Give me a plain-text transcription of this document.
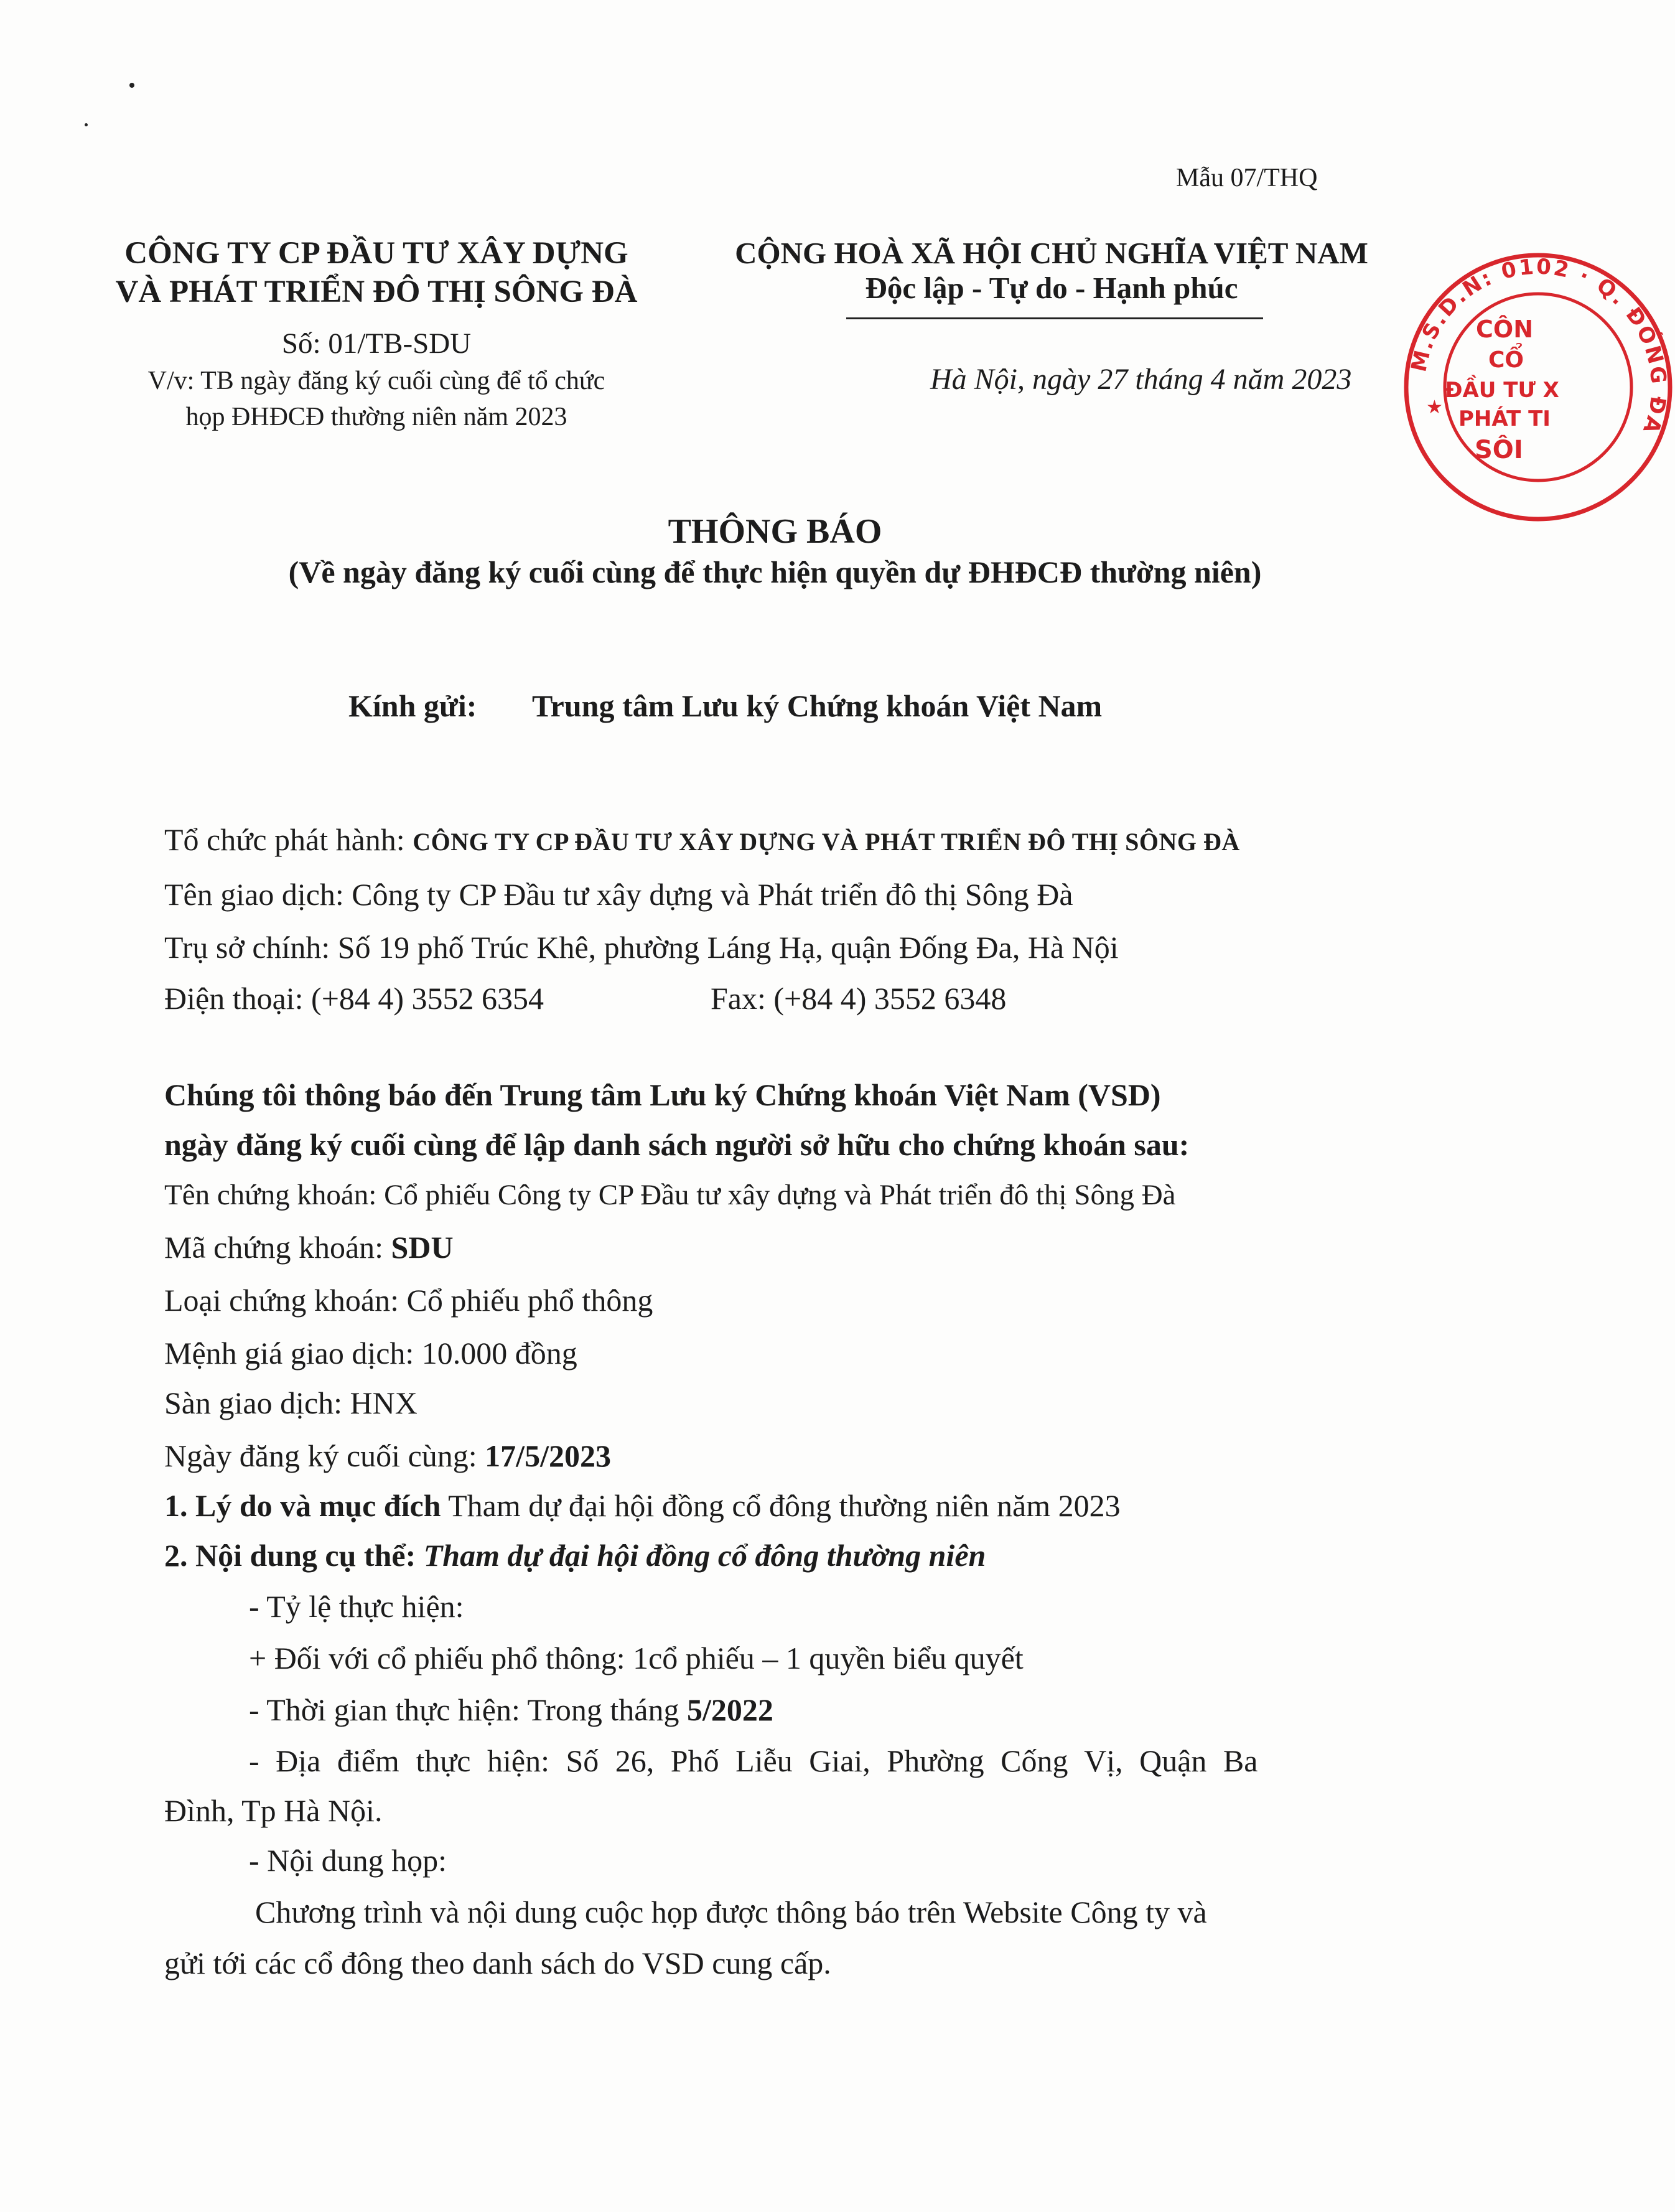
Mẫu 07/THQ
CÔNG TY CP ĐẦU TƯ XÂY DỰNG
VÀ PHÁT TRIỂN ĐÔ THỊ SÔNG ĐÀ
Số: 01/TB-SDU
V/v: TB ngày đăng ký cuối cùng để tổ chức
họp ĐHĐCĐ thường niên năm 2023
CỘNG HOÀ XÃ HỘI CHỦ NGHĨA VIỆT NAM
Độc lập - Tự do - Hạnh phúc
Hà Nội, ngày 27 tháng 4 năm 2023
M.S.D.N: 0102 · Q. ĐỐNG ĐA
CÔN
CỔ
ĐẦU TƯ X
PHÁT TI
SÔI
★
THÔNG BÁO
(Về ngày đăng ký cuối cùng để thực hiện quyền dự ĐHĐCĐ thường niên)
Kính gửi: Trung tâm Lưu ký Chứng khoán Việt Nam
Tổ chức phát hành: CÔNG TY CP ĐẦU TƯ XÂY DỰNG VÀ PHÁT TRIỂN ĐÔ THỊ SÔNG ĐÀ
Tên giao dịch: Công ty CP Đầu tư xây dựng và Phát triển đô thị Sông Đà
Trụ sở chính: Số 19 phố Trúc Khê, phường Láng Hạ, quận Đống Đa, Hà Nội
Điện thoại: (+84 4) 3552 6354	Fax: (+84 4) 3552 6348
Chúng tôi thông báo đến Trung tâm Lưu ký Chứng khoán Việt Nam (VSD)
ngày đăng ký cuối cùng để lập danh sách người sở hữu cho chứng khoán sau:
Tên chứng khoán: Cổ phiếu Công ty CP Đầu tư xây dựng và Phát triển đô thị Sông Đà
Mã chứng khoán: SDU
Loại chứng khoán: Cổ phiếu phổ thông
Mệnh giá giao dịch: 10.000 đồng
Sàn giao dịch: HNX
Ngày đăng ký cuối cùng: 17/5/2023
1. Lý do và mục đích Tham dự đại hội đồng cổ đông thường niên năm 2023
2. Nội dung cụ thể: Tham dự đại hội đồng cổ đông thường niên
- Tỷ lệ thực hiện:
+ Đối với cổ phiếu phổ thông: 1cổ phiếu – 1 quyền biểu quyết
- Thời gian thực hiện: Trong tháng 5/2022
- Địa điểm thực hiện: Số 26, Phố Liễu Giai, Phường Cống Vị, Quận Ba
Đình, Tp Hà Nội.
- Nội dung họp:
Chương trình và nội dung cuộc họp được thông báo trên Website Công ty và
gửi tới các cổ đông theo danh sách do VSD cung cấp.
